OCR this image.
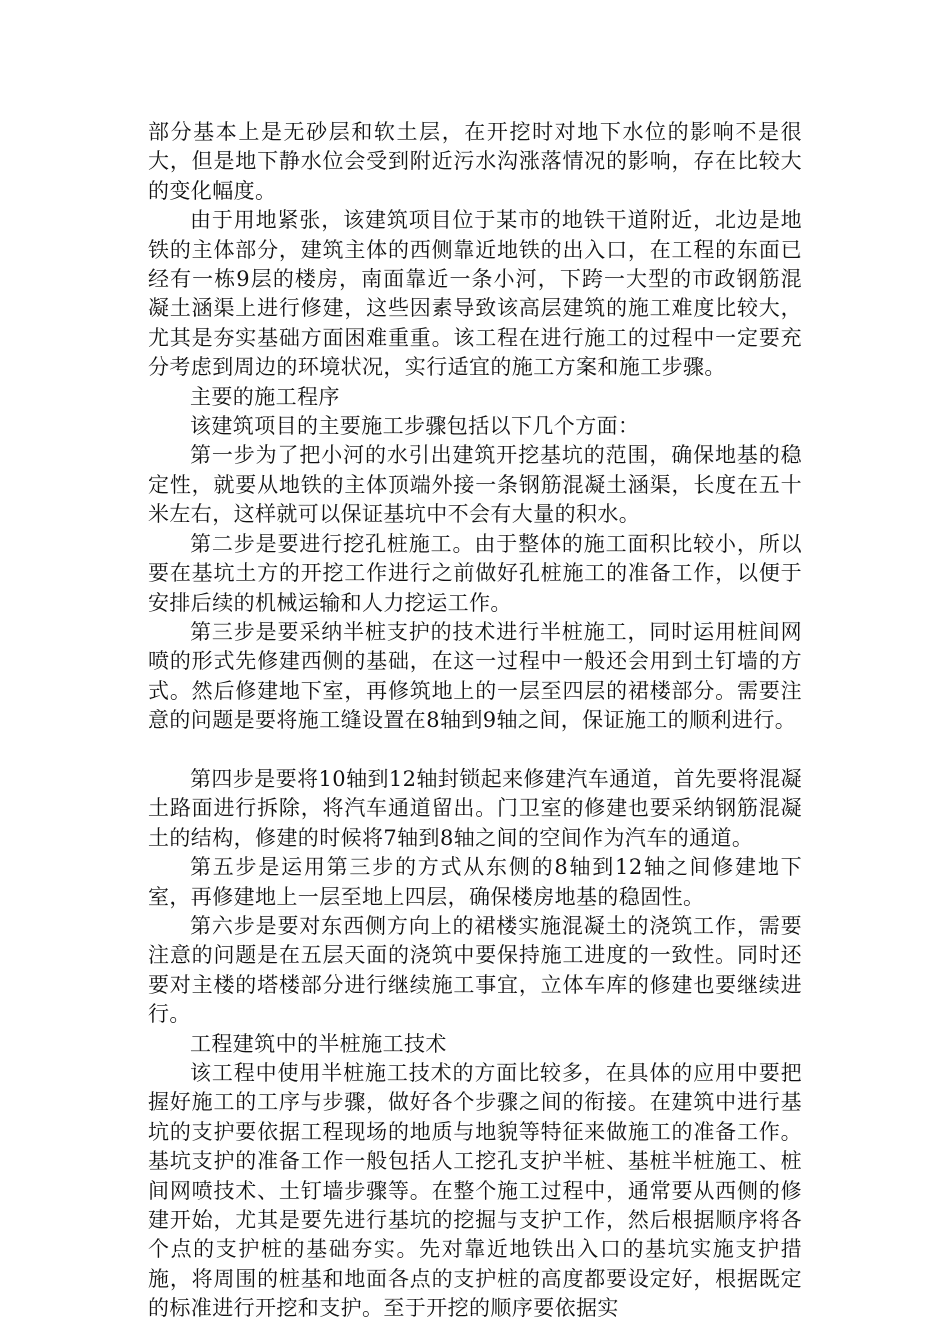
部分基本上是无砂层和软土层，在开挖时对地下水位的影响不是很大，但是地下静水位会受到附近污水沟涨落情况的影响，存在比较大的变化幅度。

由于用地紧张，该建筑项目位于某市的地铁干道附近，北边是地铁的主体部分，建筑主体的西侧靠近地铁的出入口，在工程的东面已经有一栋9层的楼房，南面靠近一条小河，下跨一大型的市政钢筋混凝土涵渠上进行修建，这些因素导致该高层建筑的施工难度比较大，尤其是夯实基础方面困难重重。该工程在进行施工的过程中一定要充分考虑到周边的环境状况，实行适宜的施工方案和施工步骤。

主要的施工程序

该建筑项目的主要施工步骤包括以下几个方面：

第一步为了把小河的水引出建筑开挖基坑的范围，确保地基的稳定性，就要从地铁的主体顶端外接一条钢筋混凝土涵渠，长度在五十米左右，这样就可以保证基坑中不会有大量的积水。

第二步是要进行挖孔桩施工。由于整体的施工面积比较小，所以要在基坑土方的开挖工作进行之前做好孔桩施工的准备工作，以便于安排后续的机械运输和人力挖运工作。

第三步是要采纳半桩支护的技术进行半桩施工，同时运用桩间网喷的形式先修建西侧的基础，在这一过程中一般还会用到土钉墙的方式。然后修建地下室，再修筑地上的一层至四层的裙楼部分。需要注意的问题是要将施工缝设置在8轴到9轴之间，保证施工的顺利进行。

第四步是要将10轴到12轴封锁起来修建汽车通道，首先要将混凝土路面进行拆除，将汽车通道留出。门卫室的修建也要采纳钢筋混凝土的结构，修建的时候将7轴到8轴之间的空间作为汽车的通道。

第五步是运用第三步的方式从东侧的8轴到12轴之间修建地下室，再修建地上一层至地上四层，确保楼房地基的稳固性。

第六步是要对东西侧方向上的裙楼实施混凝土的浇筑工作，需要注意的问题是在五层天面的浇筑中要保持施工进度的一致性。同时还要对主楼的塔楼部分进行继续施工事宜，立体车库的修建也要继续进行。

工程建筑中的半桩施工技术

该工程中使用半桩施工技术的方面比较多，在具体的应用中要把握好施工的工序与步骤，做好各个步骤之间的衔接。在建筑中进行基坑的支护要依据工程现场的地质与地貌等特征来做施工的准备工作。基坑支护的准备工作一般包括人工挖孔支护半桩、基桩半桩施工、桩间网喷技术、土钉墙步骤等。在整个施工过程中，通常要从西侧的修建开始，尤其是要先进行基坑的挖掘与支护工作，然后根据顺序将各个点的支护桩的基础夯实。先对靠近地铁出入口的基坑实施支护措施，将周围的桩基和地面各点的支护桩的高度都要设定好，根据既定的标准进行开挖和支护。至于开挖的顺序要依据实
